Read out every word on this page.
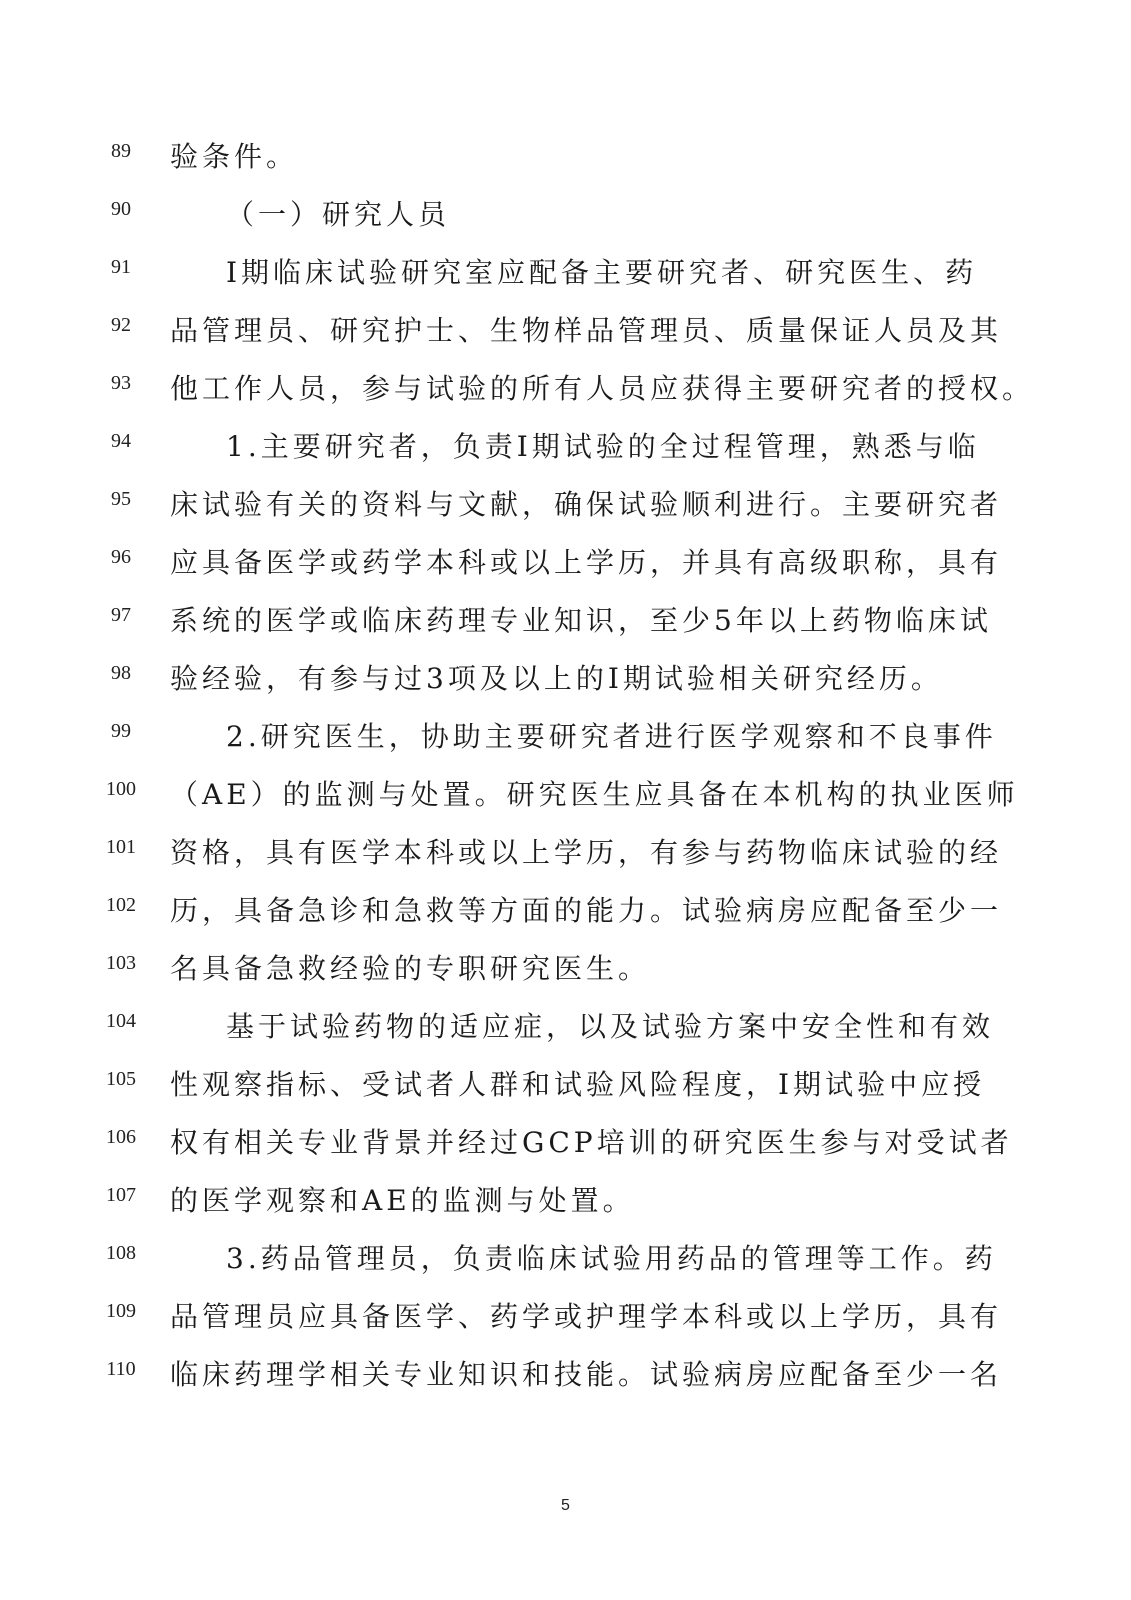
89	验条件。
90	（一）研究人员
91	I期临床试验研究室应配备主要研究者、研究医生、药
92	品管理员、研究护士、生物样品管理员、质量保证人员及其
93	他工作人员，参与试验的所有人员应获得主要研究者的授权。
94	1.主要研究者，负责I期试验的全过程管理，熟悉与临
95	床试验有关的资料与文献，确保试验顺利进行。主要研究者
96	应具备医学或药学本科或以上学历，并具有高级职称，具有
97	系统的医学或临床药理专业知识，至少5年以上药物临床试
98	验经验，有参与过3项及以上的I期试验相关研究经历。
99	2.研究医生，协助主要研究者进行医学观察和不良事件
100	（AE）的监测与处置。研究医生应具备在本机构的执业医师
101	资格，具有医学本科或以上学历，有参与药物临床试验的经
102	历，具备急诊和急救等方面的能力。试验病房应配备至少一
103	名具备急救经验的专职研究医生。
104	基于试验药物的适应症，以及试验方案中安全性和有效
105	性观察指标、受试者人群和试验风险程度，I期试验中应授
106	权有相关专业背景并经过GCP培训的研究医生参与对受试者
107	的医学观察和AE的监测与处置。
108	3.药品管理员，负责临床试验用药品的管理等工作。药
109	品管理员应具备医学、药学或护理学本科或以上学历，具有
110	临床药理学相关专业知识和技能。试验病房应配备至少一名
5
